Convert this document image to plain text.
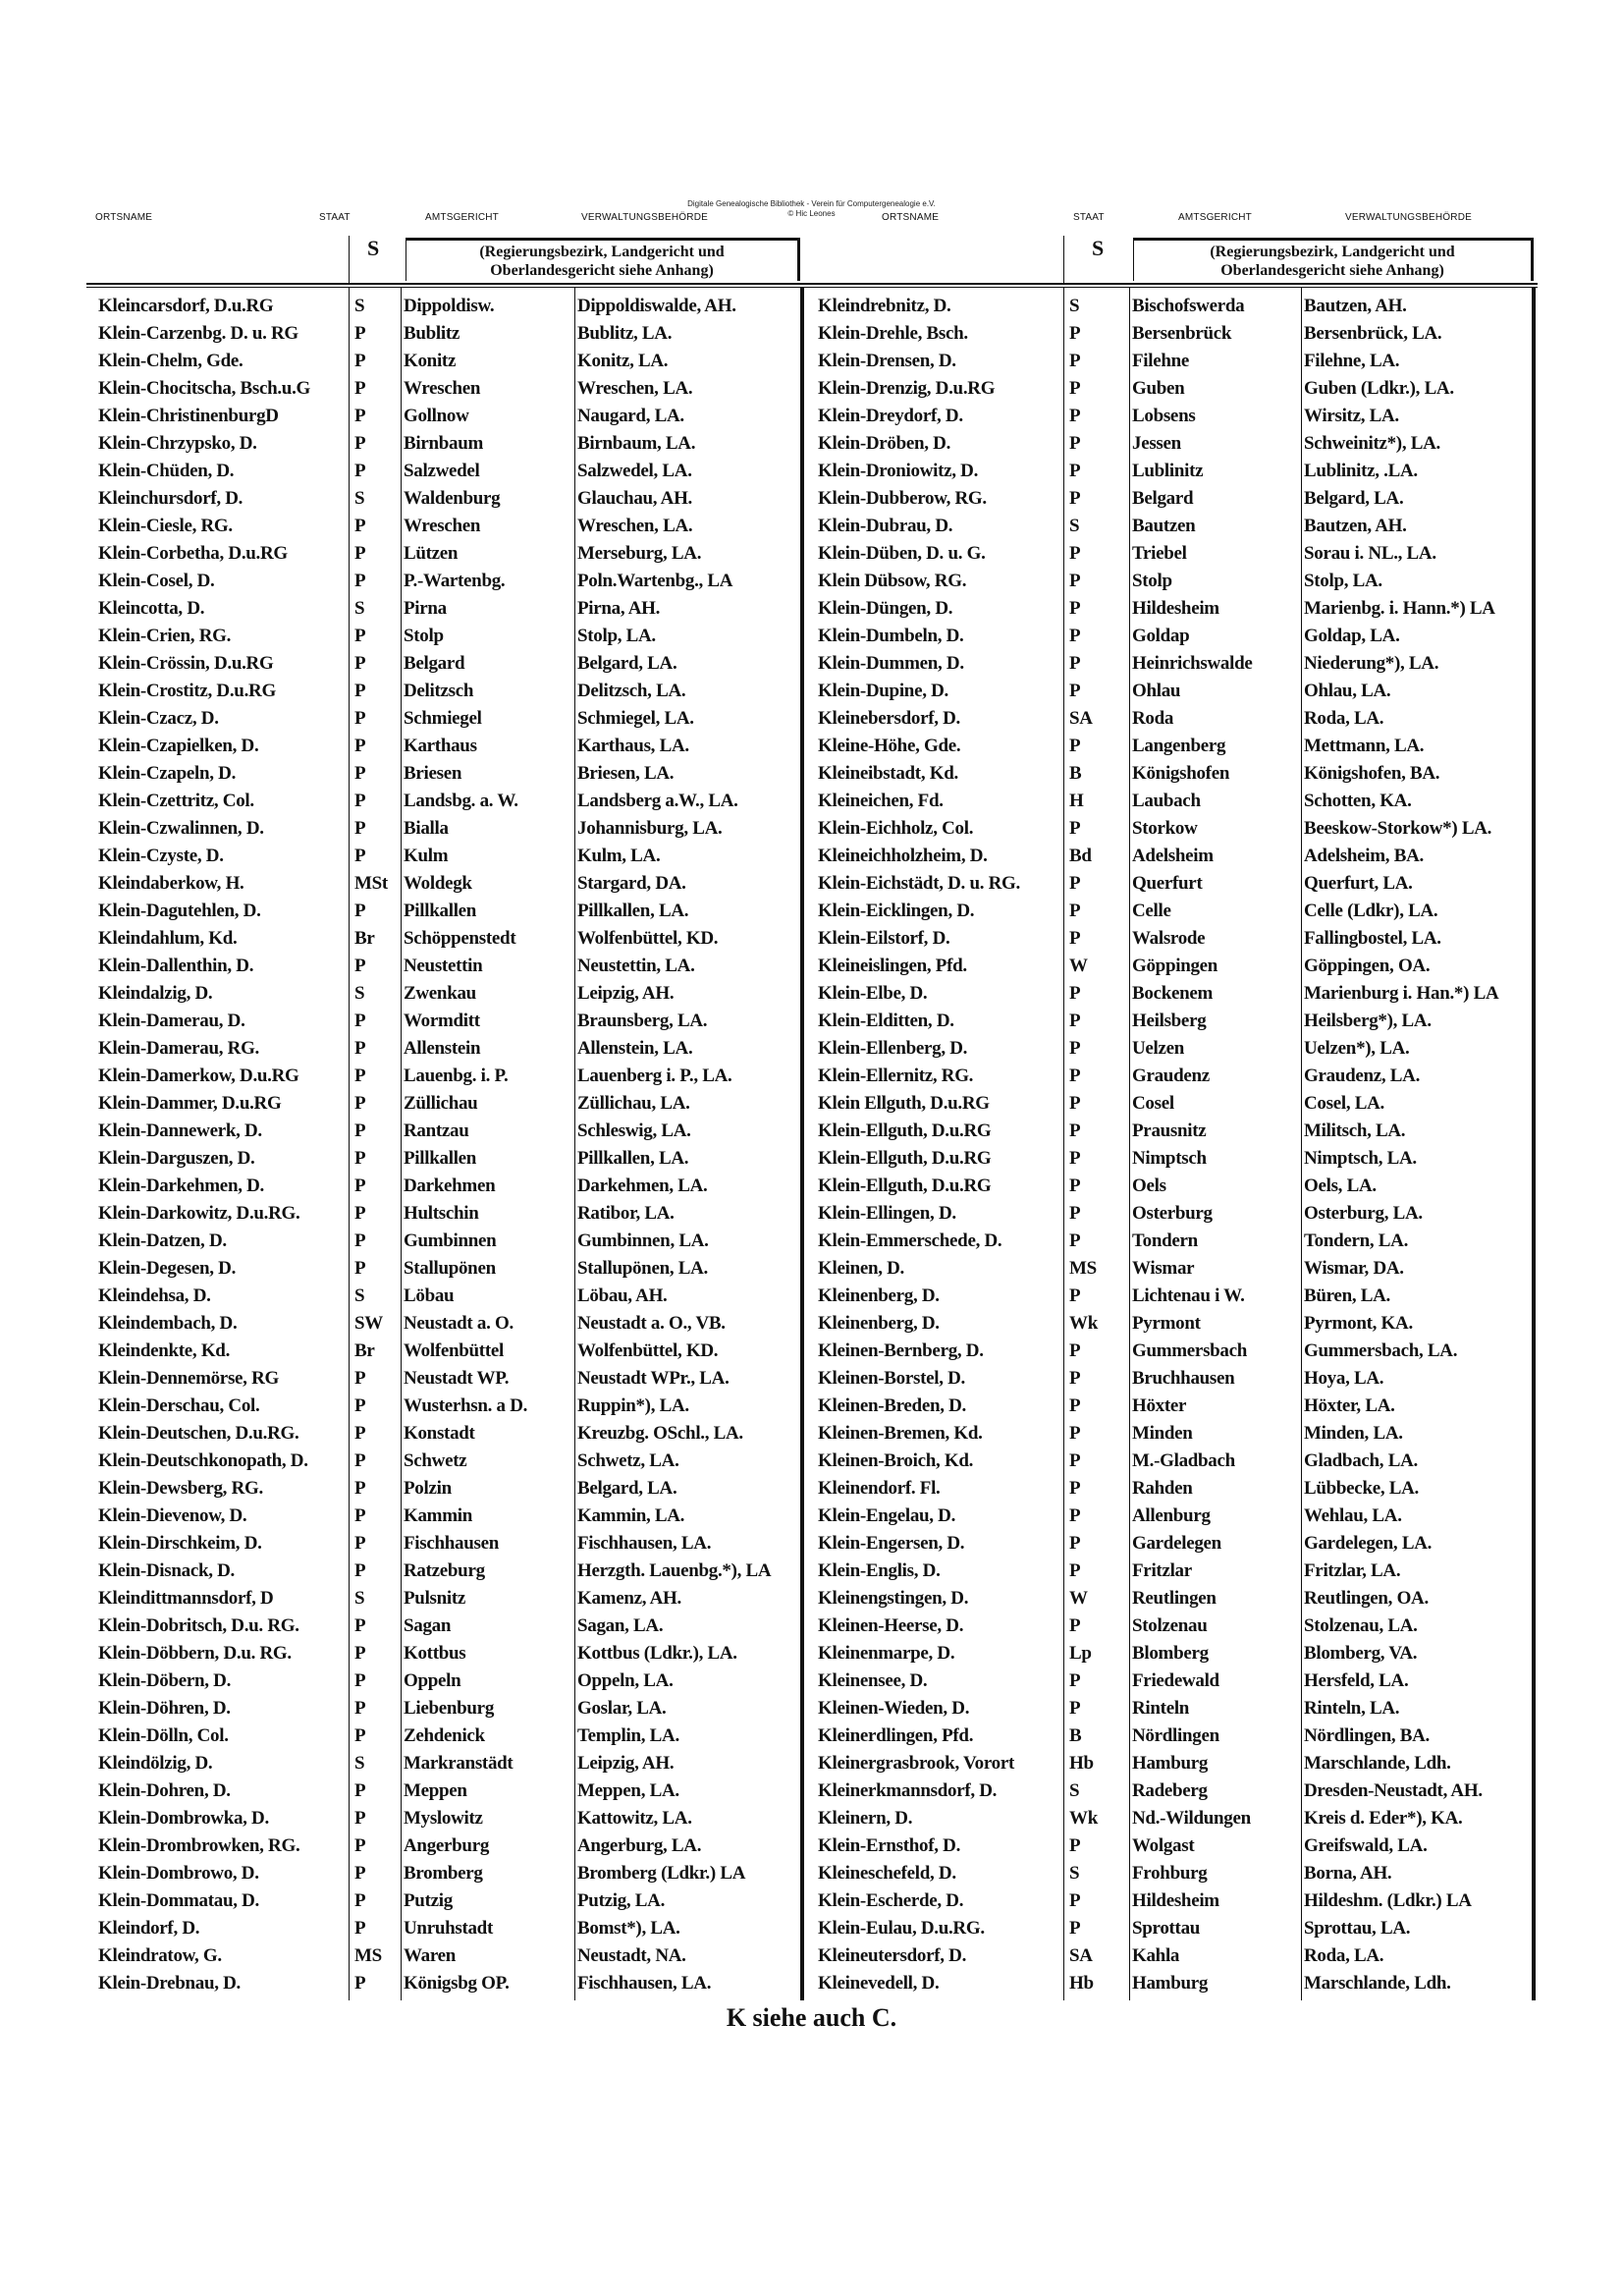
Digitale Genealogische Bibliothek - Verein für Computergenealogie e.V.
© Hic Leones
ORTSNAME	STAAT	AMTSGERICHT	VERWALTUNGSBEHÖRDE	ORTSNAME	STAAT	AMTSGERICHT	VERWALTUNGSBEHÖRDE
S	(Regierungsbezirk, Landgericht und
Oberlandesgericht siehe Anhang)
S	(Regierungsbezirk, Landgericht und
Oberlandesgericht siehe Anhang)
Kleincarsdorf, D.u.RG	S	Dippoldisw.	Dippoldiswalde, AH.
Klein-Carzenbg. D. u. RG	P	Bublitz	Bublitz, LA.
Klein-Chelm, Gde.	P	Konitz	Konitz, LA.
Klein-Chocitscha, Bsch.u.G	P	Wreschen	Wreschen, LA.
Klein-ChristinenburgD	P	Gollnow	Naugard, LA.
Klein-Chrzypsko, D.	P	Birnbaum	Birnbaum, LA.
Klein-Chüden, D.	P	Salzwedel	Salzwedel, LA.
Kleinchursdorf, D.	S	Waldenburg	Glauchau, AH.
Klein-Ciesle, RG.	P	Wreschen	Wreschen, LA.
Klein-Corbetha, D.u.RG	P	Lützen	Merseburg, LA.
Klein-Cosel, D.	P	P.-Wartenbg.	Poln.Wartenbg., LA
Kleincotta, D.	S	Pirna	Pirna, AH.
Klein-Crien, RG.	P	Stolp	Stolp, LA.
Klein-Crössin, D.u.RG	P	Belgard	Belgard, LA.
Klein-Crostitz, D.u.RG	P	Delitzsch	Delitzsch, LA.
Klein-Czacz, D.	P	Schmiegel	Schmiegel, LA.
Klein-Czapielken, D.	P	Karthaus	Karthaus, LA.
Klein-Czapeln, D.	P	Briesen	Briesen, LA.
Klein-Czettritz, Col.	P	Landsbg. a. W.	Landsberg a.W., LA.
Klein-Czwalinnen, D.	P	Bialla	Johannisburg, LA.
Klein-Czyste, D.	P	Kulm	Kulm, LA.
Kleindaberkow, H.	MSt Woldegk	Stargard, DA.
Klein-Dagutehlen, D.	P	Pillkallen	Pillkallen, LA.
Kleindahlum, Kd.	Br	Schöppenstedt	Wolfenbüttel, KD.
Klein-Dallenthin, D.	P	Neustettin	Neustettin, LA.
Kleindalzig, D.	S	Zwenkau	Leipzig, AH.
Klein-Damerau, D.	P	Wormditt	Braunsberg, LA.
Klein-Damerau, RG.	P	Allenstein	Allenstein, LA.
Klein-Damerkow, D.u.RG	P	Lauenbg. i. P.	Lauenberg i. P., LA.
Klein-Dammer, D.u.RG	P	Züllichau	Züllichau, LA.
Klein-Dannewerk, D.	P	Rantzau	Schleswig, LA.
Klein-Darguszen, D.	P	Pillkallen	Pillkallen, LA.
Klein-Darkehmen, D.	P	Darkehmen	Darkehmen, LA.
Klein-Darkowitz, D.u.RG.	P	Hultschin	Ratibor, LA.
Klein-Datzen, D.	P	Gumbinnen	Gumbinnen, LA.
Klein-Degesen, D.	P	Stallupönen	Stallupönen, LA.
Kleindehsa, D.	S	Löbau	Löbau, AH.
Kleindembach, D.	SW	Neustadt a. O.	Neustadt a. O., VB.
Kleindenkte, Kd.	Br	Wolfenbüttel	Wolfenbüttel, KD.
Klein-Dennemörse, RG	P	Neustadt WP.	Neustadt WPr., LA.
Klein-Derschau, Col.	P	Wusterhsn. a D.	Ruppin*), LA.
Klein-Deutschen, D.u.RG.	P	Konstadt	Kreuzbg. OSchl., LA.
Klein-Deutschkonopath, D.	P	Schwetz	Schwetz, LA.
Klein-Dewsberg, RG.	P	Polzin	Belgard, LA.
Klein-Dievenow, D.	P	Kammin	Kammin, LA.
Klein-Dirschkeim, D.	P	Fischhausen	Fischhausen, LA.
Klein-Disnack, D.	P	Ratzeburg	Herzgth. Lauenbg.*), LA
Kleindittmannsdorf, D	S	Pulsnitz	Kamenz, AH.
Klein-Dobritsch, D.u. RG.	P	Sagan	Sagan, LA.
Klein-Döbbern, D.u. RG.	P	Kottbus	Kottbus (Ldkr.), LA.
Klein-Döbern, D.	P	Oppeln	Oppeln, LA.
Klein-Döhren, D.	P	Liebenburg	Goslar, LA.
Klein-Dölln, Col.	P	Zehdenick	Templin, LA.
Kleindölzig, D.	S	Markranstädt	Leipzig, AH.
Klein-Dohren, D.	P	Meppen	Meppen, LA.
Klein-Dombrowka, D.	P	Myslowitz	Kattowitz, LA.
Klein-Drombrowken, RG.	P	Angerburg	Angerburg, LA.
Klein-Dombrowo, D.	P	Bromberg	Bromberg (Ldkr.) LA
Klein-Dommatau, D.	P	Putzig	Putzig, LA.
Kleindorf, D.	P	Unruhstadt	Bomst*), LA.
Kleindratow, G.	MS	Waren	Neustadt, NA.
Klein-Drebnau, D.	P	Königsbg OP.	Fischhausen, LA.
Kleindrebnitz, D.	S	Bischofswerda	Bautzen, AH.
Klein-Drehle, Bsch.	P	Bersenbrück	Bersenbrück, LA.
Klein-Drensen, D.	P	Filehne	Filehne, LA.
Klein-Drenzig, D.u.RG	P	Guben	Guben (Ldkr.), LA.
Klein-Dreydorf, D.	P	Lobsens	Wirsitz, LA.
Klein-Dröben, D.	P	Jessen	Schweinitz*), LA.
Klein-Droniowitz, D.	P	Lublinitz	Lublinitz, .LA.
Klein-Dubberow, RG.	P	Belgard	Belgard, LA.
Klein-Dubrau, D.	S	Bautzen	Bautzen, AH.
Klein-Düben, D. u. G.	P	Triebel	Sorau i. NL., LA.
Klein Dübsow, RG.	P	Stolp	Stolp, LA.
Klein-Düngen, D.	P	Hildesheim	Marienbg. i. Hann.*) LA
Klein-Dumbeln, D.	P	Goldap	Goldap, LA.
Klein-Dummen, D.	P	Heinrichswalde	Niederung*), LA.
Klein-Dupine, D.	P	Ohlau	Ohlau, LA.
Kleinebersdorf, D.	SA	Roda	Roda, LA.
Kleine-Höhe, Gde.	P	Langenberg	Mettmann, LA.
Kleineibstadt, Kd.	B	Königshofen	Königshofen, BA.
Kleineichen, Fd.	H	Laubach	Schotten, KA.
Klein-Eichholz, Col.	P	Storkow	Beeskow-Storkow*) LA.
Kleineichholzheim, D.	Bd	Adelsheim	Adelsheim, BA.
Klein-Eichstädt, D. u. RG.	P	Querfurt	Querfurt, LA.
Klein-Eicklingen, D.	P	Celle	Celle (Ldkr), LA.
Klein-Eilstorf, D.	P	Walsrode	Fallingbostel, LA.
Kleineislingen, Pfd.	W	Göppingen	Göppingen, OA.
Klein-Elbe, D.	P	Bockenem	Marienburg i. Han.*) LA
Klein-Elditten, D.	P	Heilsberg	Heilsberg*), LA.
Klein-Ellenberg, D.	P	Uelzen	Uelzen*), LA.
Klein-Ellernitz, RG.	P	Graudenz	Graudenz, LA.
Klein Ellguth, D.u.RG	P	Cosel	Cosel, LA.
Klein-Ellguth, D.u.RG	P	Prausnitz	Militsch, LA.
Klein-Ellguth, D.u.RG	P	Nimptsch	Nimptsch, LA.
Klein-Ellguth, D.u.RG	P	Oels	Oels, LA.
Klein-Ellingen, D.	P	Osterburg	Osterburg, LA.
Klein-Emmerschede, D.	P	Tondern	Tondern, LA.
Kleinen, D.	MS	Wismar	Wismar, DA.
Kleinenberg, D.	P	Lichtenau i W.	Büren, LA.
Kleinenberg, D.	Wk	Pyrmont	Pyrmont, KA.
Kleinen-Bernberg, D.	P	Gummersbach	Gummersbach, LA.
Kleinen-Borstel, D.	P	Bruchhausen	Hoya, LA.
Kleinen-Breden, D.	P	Höxter	Höxter, LA.
Kleinen-Bremen, Kd.	P	Minden	Minden, LA.
Kleinen-Broich, Kd.	P	M.-Gladbach	Gladbach, LA.
Kleinendorf. Fl.	P	Rahden	Lübbecke, LA.
Klein-Engelau, D.	P	Allenburg	Wehlau, LA.
Klein-Engersen, D.	P	Gardelegen	Gardelegen, LA.
Klein-Englis, D.	P	Fritzlar	Fritzlar, LA.
Kleinengstingen, D.	W	Reutlingen	Reutlingen, OA.
Kleinen-Heerse, D.	P	Stolzenau	Stolzenau, LA.
Kleinenmarpe, D.	Lp	Blomberg	Blomberg, VA.
Kleinensee, D.	P	Friedewald	Hersfeld, LA.
Kleinen-Wieden, D.	P	Rinteln	Rinteln, LA.
Kleinerdlingen, Pfd.	B	Nördlingen	Nördlingen, BA.
Kleinergrasbrook, Vorort	Hb	Hamburg	Marschlande, Ldh.
Kleinerkmannsdorf, D.	S	Radeberg	Dresden-Neustadt, AH.
Kleinern, D.	Wk	Nd.-Wildungen	Kreis d. Eder*), KA.
Klein-Ernsthof, D.	P	Wolgast	Greifswald, LA.
Kleineschefeld, D.	S	Frohburg	Borna, AH.
Klein-Escherde, D.	P	Hildesheim	Hildeshm. (Ldkr.) LA
Klein-Eulau, D.u.RG.	P	Sprottau	Sprottau, LA.
Kleineutersdorf, D.	SA	Kahla	Roda, LA.
Kleinevedell, D.	Hb	Hamburg	Marschlande, Ldh.
K siehe auch C.
